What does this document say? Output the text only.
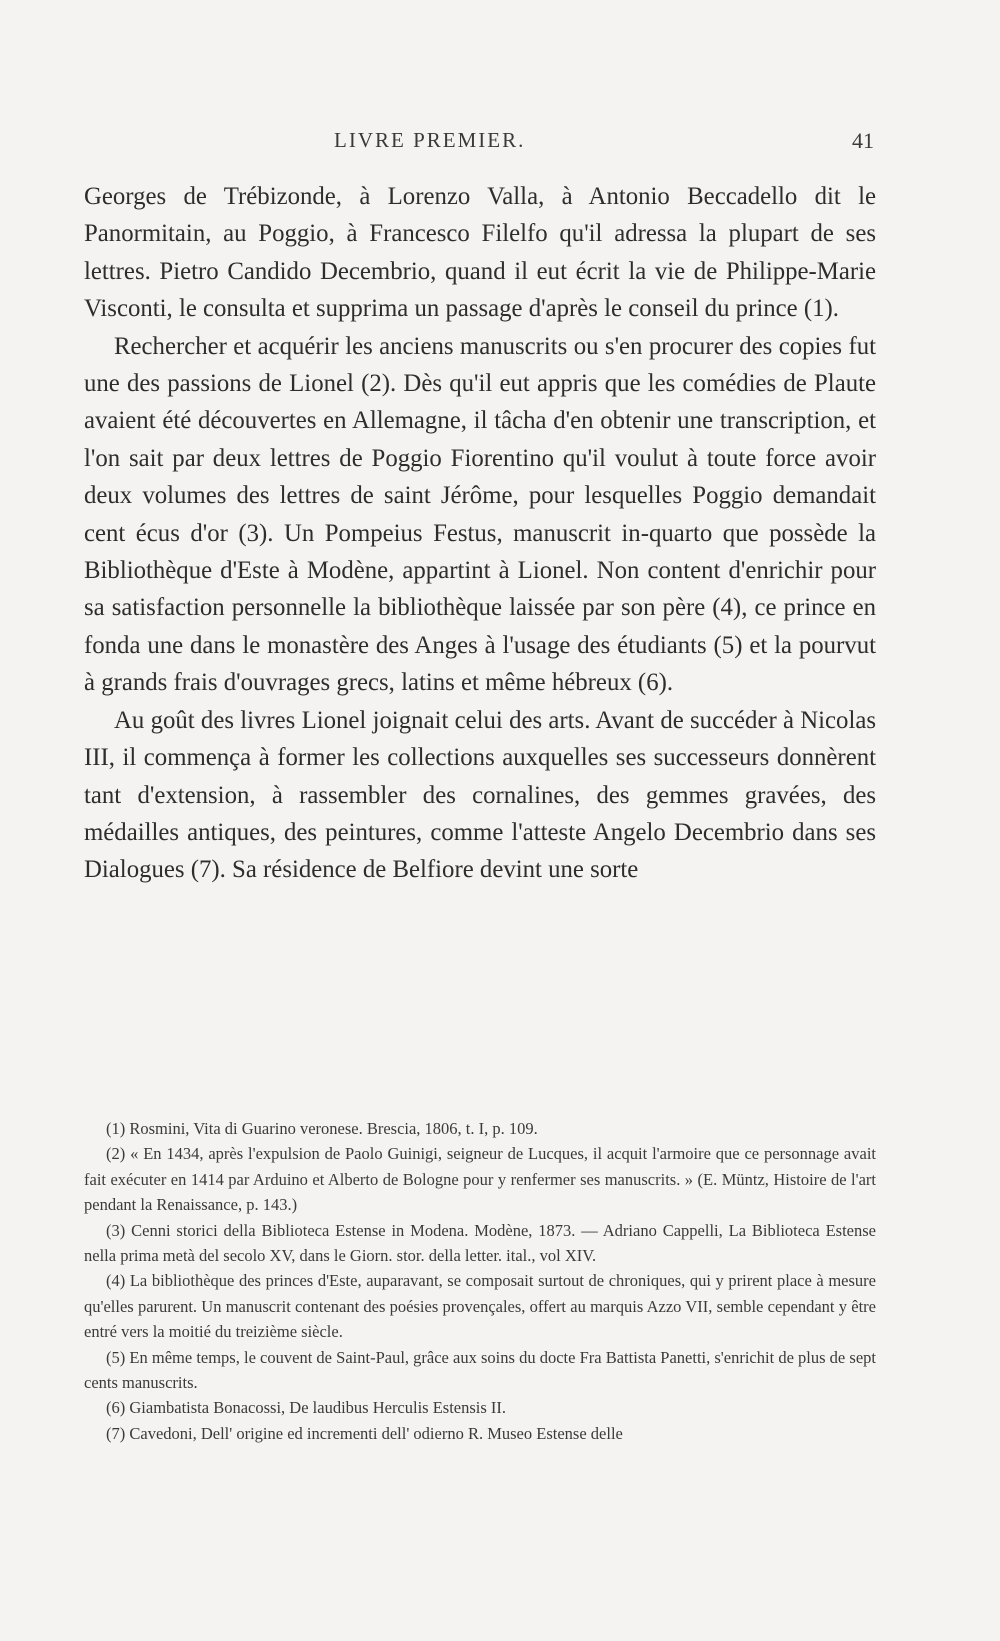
LIVRE PREMIER.	41

Georges de Trébizonde, à Lorenzo Valla, à Antonio Beccadello dit le Panormitain, au Poggio, à Francesco Filelfo qu'il adressa la plupart de ses lettres. Pietro Candido Decembrio, quand il eut écrit la vie de Philippe-Marie Visconti, le consulta et supprima un passage d'après le conseil du prince (1).

Rechercher et acquérir les anciens manuscrits ou s'en procurer des copies fut une des passions de Lionel (2). Dès qu'il eut appris que les comédies de Plaute avaient été découvertes en Allemagne, il tâcha d'en obtenir une transcription, et l'on sait par deux lettres de Poggio Fiorentino qu'il voulut à toute force avoir deux volumes des lettres de saint Jérôme, pour lesquelles Poggio demandait cent écus d'or (3). Un Pompeius Festus, manuscrit in-quarto que possède la Bibliothèque d'Este à Modène, appartint à Lionel. Non content d'enrichir pour sa satisfaction personnelle la bibliothèque laissée par son père (4), ce prince en fonda une dans le monastère des Anges à l'usage des étudiants (5) et la pourvut à grands frais d'ouvrages grecs, latins et même hébreux (6).

Au goût des livres Lionel joignait celui des arts. Avant de succéder à Nicolas III, il commença à former les collections auxquelles ses successeurs donnèrent tant d'extension, à rassembler des cornalines, des gemmes gravées, des médailles antiques, des peintures, comme l'atteste Angelo Decembrio dans ses Dialogues (7). Sa résidence de Belfiore devint une sorte

(1) Rosmini, Vita di Guarino veronese. Brescia, 1806, t. I, p. 109.

(2) « En 1434, après l'expulsion de Paolo Guinigi, seigneur de Lucques, il acquit l'armoire que ce personnage avait fait exécuter en 1414 par Arduino et Alberto de Bologne pour y renfermer ses manuscrits. » (E. Müntz, Histoire de l'art pendant la Renaissance, p. 143.)

(3) Cenni storici della Biblioteca Estense in Modena. Modène, 1873. — Adriano Cappelli, La Biblioteca Estense nella prima metà del secolo XV, dans le Giorn. stor. della letter. ital., vol XIV.

(4) La bibliothèque des princes d'Este, auparavant, se composait surtout de chroniques, qui y prirent place à mesure qu'elles parurent. Un manuscrit contenant des poésies provençales, offert au marquis Azzo VII, semble cependant y être entré vers la moitié du treizième siècle.

(5) En même temps, le couvent de Saint-Paul, grâce aux soins du docte Fra Battista Panetti, s'enrichit de plus de sept cents manuscrits.

(6) Giambatista Bonacossi, De laudibus Herculis Estensis II.

(7) Cavedoni, Dell' origine ed incrementi dell' odierno R. Museo Estense delle
